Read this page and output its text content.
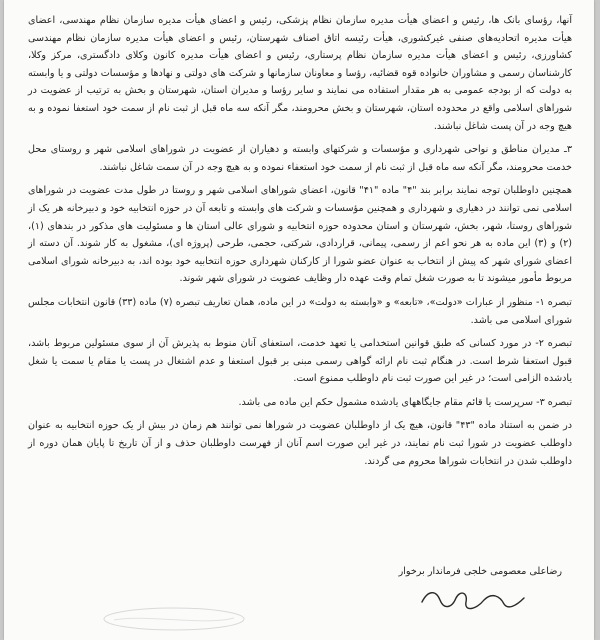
آنها، رؤسای بانک ها، رئیس و اعضای هیأت مدیره سازمان نظام پزشکی، رئیس و اعضای هیأت مدیره سازمان نظام مهندسی، اعضای هیأت مدیره اتحادیه‌های صنفی غیرکشوری، هیأت رئیسه اتاق اصناف شهرستان، رئیس و اعضای هیأت مدیره سازمان نظام مهندسی کشاورزی، رئیس و اعضای هیأت مدیره سازمان نظام پرستاری، رئیس و اعضای هیأت مدیره کانون وکلای دادگستری، مرکز وکلا، کارشناسان رسمی و مشاوران خانواده قوه قضائیه، رؤسا و معاونان سازمانها و شرکت های دولتی و نهادها و مؤسسات دولتی و یا وابسته به دولت که از بودجه عمومی به هر مقدار استفاده می نمایند و سایر رؤسا و مدیران استان، شهرستان و بخش به ترتیب از عضویت در شوراهای اسلامی واقع در محدوده استان، شهرستان و بخش محرومند، مگر آنکه سه ماه قبل از ثبت نام از سمت خود استعفا نموده و به هیچ وجه در آن پست شاغل نباشند.

۳ـ مدیران مناطق و نواحی شهرداری و مؤسسات و شرکتهای وابسته و دهیاران از عضویت در شوراهای اسلامی شهر و روستای محل خدمت محرومند، مگر آنکه سه ماه قبل از ثبت نام از سمت خود استعفاء نموده و به هیچ وجه در آن سمت شاغل نباشند.

همچنین داوطلبان توجه نمایند برابر بند "۴" ماده "۴۱" قانون، اعضای شوراهای اسلامی شهر و روستا در طول مدت عضویت در شوراهای اسلامی نمی توانند در دهیاری و شهرداری و همچنین مؤسسات و شرکت های وابسته و تابعه آن در حوزه انتخابیه خود و دبیرخانه هر یک از شوراهای روستا، شهر، بخش، شهرستان و استان محدوده حوزه انتخابیه و شورای عالی استان ها و مسئولیت های مذکور در بندهای (۱)، (۲) و (۳) این ماده به هر نحو اعم از رسمی، پیمانی، قراردادی، شرکتی، حجمی، طرحی (پروژه ای)، مشغول به کار شوند. آن دسته از اعضای شورای شهر که پیش از انتخاب به عنوان عضو شورا از کارکنان شهرداری حوزه انتخابیه خود بوده اند، به دبیرخانه شورای اسلامی مربوط مأمور میشوند تا به صورت شغل تمام وقت عهده دار وظایف عضویت در شورای شهر شوند.

تبصره ۱- منظور از عبارات «دولت»، «تابعه» و «وابسته به دولت» در این ماده، همان تعاریف تبصره (۷) ماده (۳۳) قانون انتخابات مجلس شورای اسلامی می باشد.

تبصره ۲- در مورد کسانی که طبق قوانین استخدامی یا تعهد خدمت، استعفای آنان منوط به پذیرش آن از سوی مسئولین مربوط باشد، قبول استعفا شرط است. در هنگام ثبت نام ارائه گواهی رسمی مبنی بر قبول استعفا و عدم اشتغال در پست یا مقام یا سمت یا شغل یادشده الزامی است؛ در غیر این صورت ثبت نام داوطلب ممنوع است.

تبصره ۳- سرپرست یا قائم مقام جایگاههای یادشده مشمول حکم این ماده می باشد.

در ضمن به استناد ماده "۴۳" قانون، هیچ یک از داوطلبان عضویت در شوراها نمی توانند هم زمان در بیش از یک حوزه انتخابیه به عنوان داوطلب عضویت در شورا ثبت نام نمایند، در غیر این صورت اسم آنان از فهرست داوطلبان حذف و از آن تاریخ تا پایان همان دوره از داوطلب شدن در انتخابات شوراها محروم می گردند.

رضاعلی معصومی خلجی فرماندار برخوار
